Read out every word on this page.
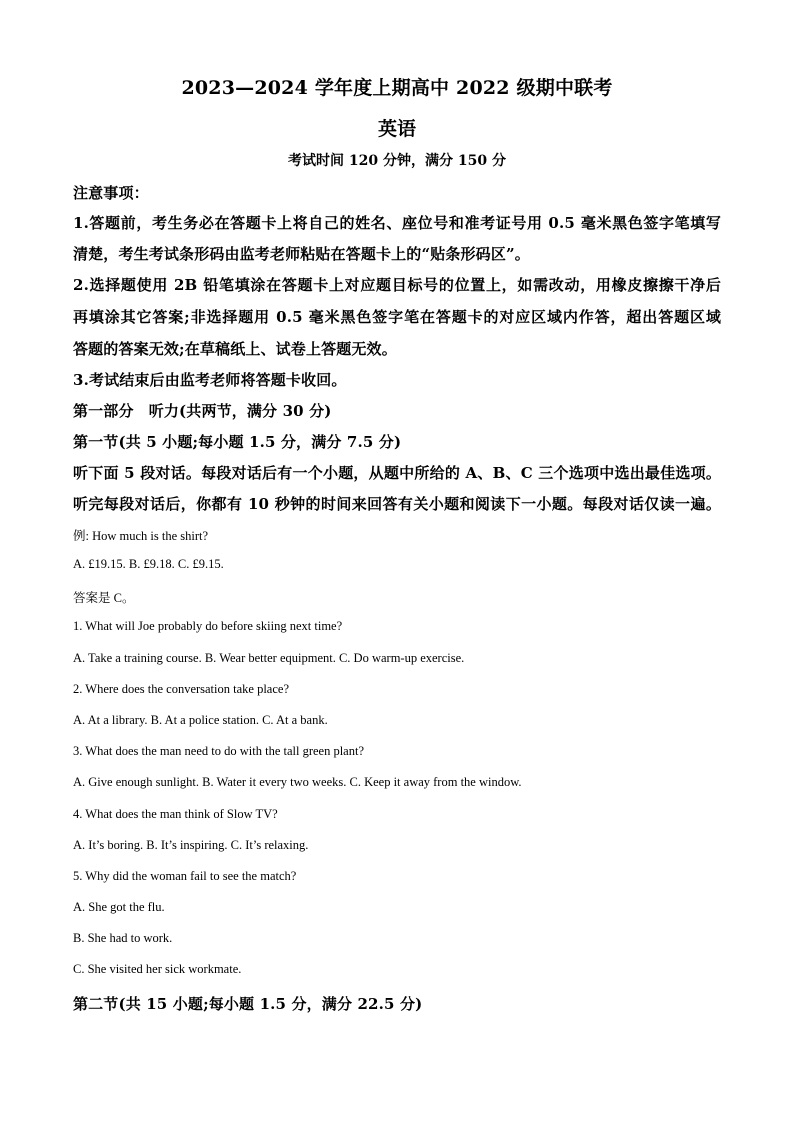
2023—2024 学年度上期高中 2022 级期中联考
英语
考试时间 120 分钟，满分 150 分
注意事项：
1.答题前，考生务必在答题卡上将自己的姓名、座位号和准考证号用 0.5 毫米黑色签字笔填写
清楚，考生考试条形码由监考老师粘贴在答题卡上的“贴条形码区”。
2.选择题使用 2B 铅笔填涂在答题卡上对应题目标号的位置上，如需改动，用橡皮擦擦干净后
再填涂其它答案;非选择题用 0.5 毫米黑色签字笔在答题卡的对应区域内作答，超出答题区域
答题的答案无效;在草稿纸上、试卷上答题无效。
3.考试结束后由监考老师将答题卡收回。
第一部分　听力(共两节，满分 30 分)
第一节(共 5 小题;每小题 1.5 分，满分 7.5 分)
听下面 5 段对话。每段对话后有一个小题，从题中所给的 A、B、C 三个选项中选出最佳选项。
听完每段对话后，你都有 10 秒钟的时间来回答有关小题和阅读下一小题。每段对话仅读一遍。
例: How much is the shirt?
A. £19.15. B. £9.18. C. £9.15.
答案是 C。
1. What will Joe probably do before skiing next time?
A. Take a training course. B. Wear better equipment. C. Do warm-up exercise.
2. Where does the conversation take place?
A. At a library. B. At a police station. C. At a bank.
3. What does the man need to do with the tall green plant?
A. Give enough sunlight. B. Water it every two weeks. C. Keep it away from the window.
4. What does the man think of Slow TV?
A. It’s boring. B. It’s inspiring. C. It’s relaxing.
5. Why did the woman fail to see the match?
A. She got the flu.
B. She had to work.
C. She visited her sick workmate.
第二节(共 15 小题;每小题 1.5 分，满分 22.5 分)
